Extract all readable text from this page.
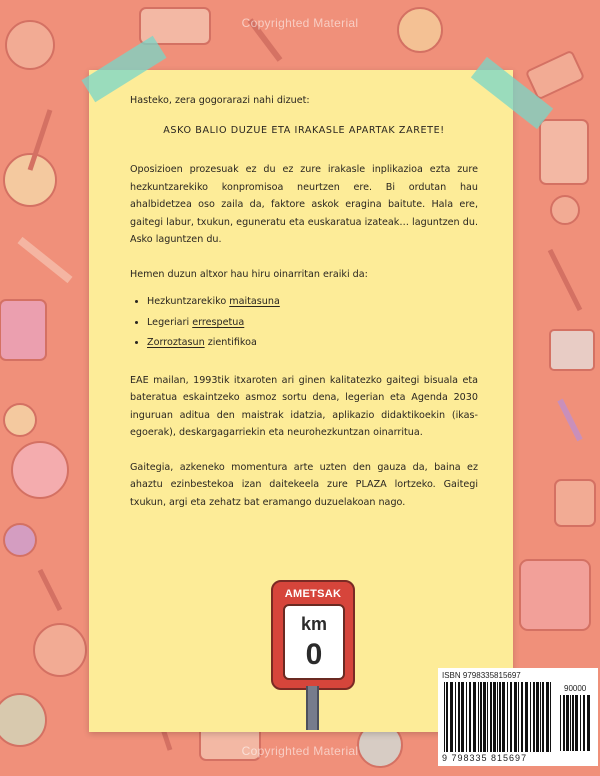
Copyrighted Material

Hasteko, zera gogorarazi nahi dizuet:

ASKO BALIO DUZUE ETA IRAKASLE APARTAK ZARETE!

Oposizioen prozesuak ez du ez zure irakasle inplikazioa ezta zure hezkuntzarekiko konpromisoa neurtzen ere. Bi ordutan hau ahalbidetzea oso zaila da, faktore askok eragina baitute. Hala ere, gaitegi labur, txukun, eguneratu eta euskaratua izateak… laguntzen du. Asko laguntzen du.

Hemen duzun altxor hau hiru oinarritan eraiki da:

• Hezkuntzarekiko maitasuna
• Legeriari errespetua
• Zorroztasun zientifikoa

EAE mailan, 1993tik itxaroten ari ginen kalitatezko gaitegi bisuala eta bateratua eskaintzeko asmoz sortu dena, legerian eta Agenda 2030 inguruan aditua den maistrak idatzia, aplikazio didaktikoekin (ikas-egoerak), deskargagarriekin eta neurohezkuntzan oinarritua.

Gaitegia, azkeneko momentura arte uzten den gauza da, baina ez ahaztu ezinbestekoa izan daitekeela zure PLAZA lortzeko. Gaitegi txukun, argi eta zehatz bat eramango duzuelakoan nago.

AMETSAK
km
0
Copyrighted Material
ISBN 9798335815697
90000
9 798335 815697
